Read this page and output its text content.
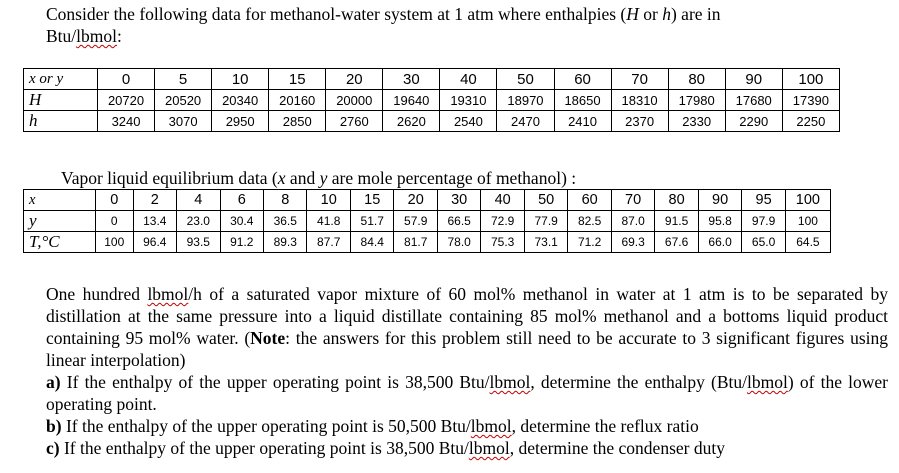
Consider the following data for methanol-water system at 1 atm where enthalpies (H or h) are in
Btu/lbmol:
x or y	0	5	10	15	20	30	40	50	60	70	80	90	100
H	20720	20520	20340	20160	20000	19640	19310	18970	18650	18310	17980	17680	17390
h	3240	3070	2950	2850	2760	2620	2540	2470	2410	2370	2330	2290	2250
Vapor liquid equilibrium data (x and y are mole percentage of methanol) :
x	0	2	4	6	8	10	15	20	30	40	50	60	70	80	90	95	100
y	0	13.4	23.0	30.4	36.5	41.8	51.7	57.9	66.5	72.9	77.9	82.5	87.0	91.5	95.8	97.9	100
T,°C	100	96.4	93.5	91.2	89.3	87.7	84.4	81.7	78.0	75.3	73.1	71.2	69.3	67.6	66.0	65.0	64.5
One hundred lbmol/h of a saturated vapor mixture of 60 mol% methanol in water at 1 atm is to be separated by distillation at the same pressure into a liquid distillate containing 85 mol% methanol and a bottoms liquid product containing 95 mol% water. (Note: the answers for this problem still need to be accurate to 3 significant figures using linear interpolation)
a) If the enthalpy of the upper operating point is 38,500 Btu/lbmol, determine the enthalpy (Btu/lbmol) of the lower operating point.
b) If the enthalpy of the upper operating point is 50,500 Btu/lbmol, determine the reflux ratio
c) If the enthalpy of the upper operating point is 38,500 Btu/lbmol, determine the condenser duty
